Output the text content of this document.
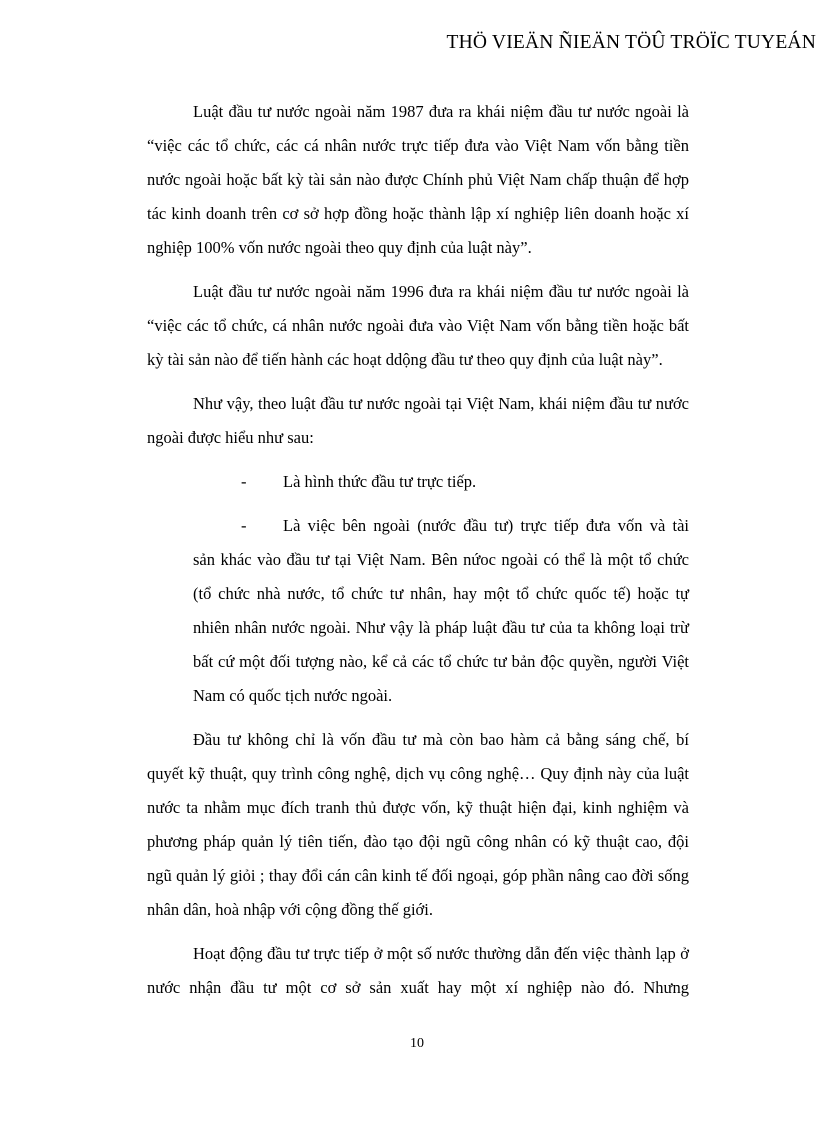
THÖ VIEÄN ÑIEÄN TÖÛ TRÖÏC TUYEÁN

Luật đầu tư nước ngoài năm 1987 đưa ra khái niệm đầu tư nước ngoài là “việc các tổ chức, các cá nhân nước trực tiếp đưa vào Việt Nam vốn bằng tiền nước ngoài hoặc bất kỳ tài sản nào được Chính phủ Việt Nam chấp thuận để hợp tác kinh doanh trên cơ sở hợp đồng hoặc thành lập xí nghiệp liên doanh hoặc xí nghiệp 100% vốn nước ngoài theo quy định của luật này”.

Luật đầu tư nước ngoài năm 1996 đưa ra khái niệm đầu tư nước ngoài là “việc các tổ chức, cá nhân nước ngoài đưa vào Việt Nam vốn bằng tiền hoặc bất kỳ tài sản nào để tiến hành các hoạt ddộng đầu tư theo quy định của luật này”.

Như vậy, theo luật đầu tư nước ngoài tại Việt Nam, khái niệm đầu tư nước ngoài được hiểu như sau:

-	Là hình thức đầu tư trực tiếp.
-	Là việc bên ngoài (nước đầu tư) trực tiếp đưa vốn và tài
sản khác vào đầu tư tại Việt Nam. Bên nứoc ngoài có thể là một tổ chức (tổ chức nhà nước, tổ chức tư nhân, hay một tổ chức quốc tế) hoặc tự nhiên nhân nước ngoài. Như vậy là pháp luật đầu tư của ta không loại trừ bất cứ một đối tượng nào, kể cả các tổ chức tư bản độc quyền, người Việt Nam có quốc tịch nước ngoài.

Đầu tư không chỉ là vốn đầu tư mà còn bao hàm cả bằng sáng chế, bí quyết kỹ thuật, quy trình công nghệ, dịch vụ công nghệ… Quy định này của luật nước ta nhằm mục đích tranh thủ được vốn, kỹ thuật hiện đại, kinh nghiệm và phương pháp quản lý tiên tiến, đào tạo đội ngũ công nhân có kỹ thuật cao, đội ngũ quản lý giỏi ; thay đổi cán cân kinh tế đối ngoại, góp phần nâng cao đời sống nhân dân, hoà nhập với cộng đồng thế giới.

Hoạt động đầu tư trực tiếp ở một số nước thường dẫn đến việc thành lạp ở nước nhận đầu tư một cơ sở sản xuất hay một xí nghiệp nào đó. Nhưng

10
